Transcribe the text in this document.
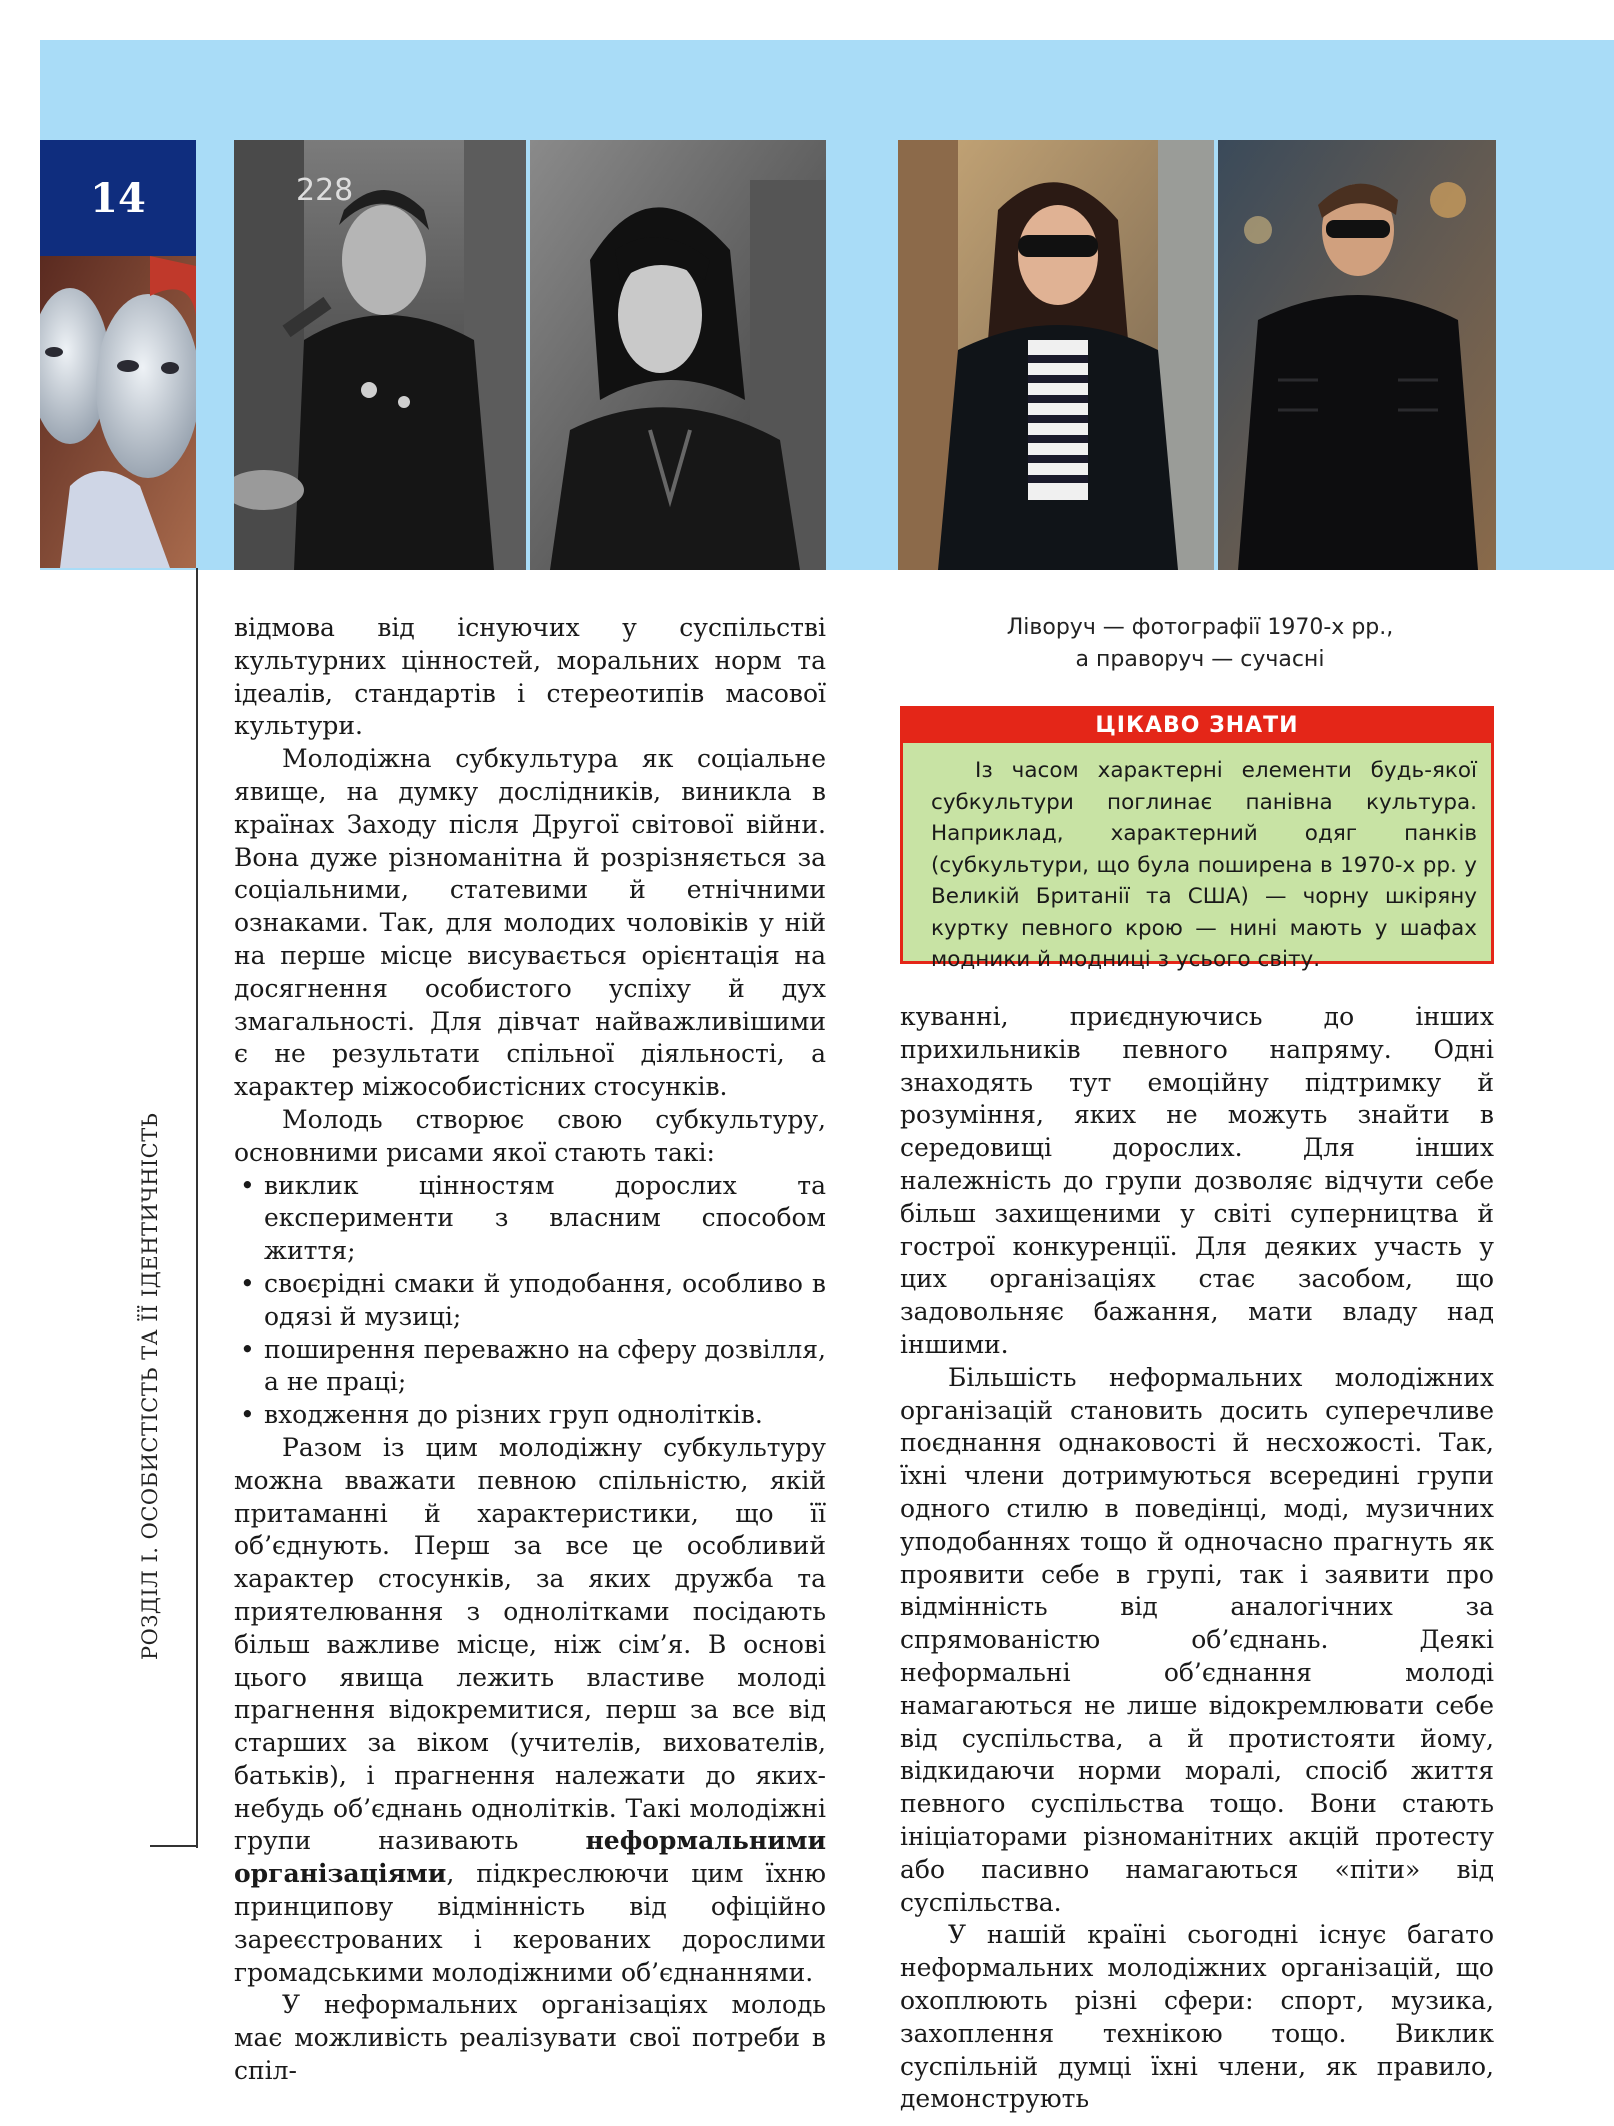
14	228
РОЗДІЛ І. ОСОБИСТІСТЬ ТА ЇЇ ІДЕНТИЧНІСТЬ
Ліворуч — фотографії 1970-х рр.,
а праворуч — сучасні
ЦІКАВО ЗНАТИ
Із часом характерні елементи будь-якої субкультури поглинає панівна культура. Наприклад, характерний одяг панків (субкультури, що була поширена в 1970-х рр. у Великій Британії та США) — чорну шкіряну куртку певного крою — нині мають у шафах модники й модниці з усього світу.

відмова від існуючих у суспільстві культурних цінностей, моральних норм та ідеалів, стандартів і стереотипів масової культури.

Молодіжна субкультура як соціальне явище, на думку дослідників, виникла в країнах Заходу після Другої світової війни. Вона дуже різноманітна й розрізняється за соціальними, статевими й етнічними ознаками. Так, для молодих чоловіків у ній на перше місце висувається орієнтація на досягнення особистого успіху й дух змагальності. Для дівчат найважливішими є не результати спільної діяльності, а характер міжособистісних стосунків.

Молодь створює свою субкультуру, основними рисами якої стають такі:

• виклик цінностям дорослих та експерименти з власним способом життя;
• своєрідні смаки й уподобання, особливо в одязі й музиці;
• поширення переважно на сферу дозвілля, а не праці;
• входження до різних груп однолітків.

Разом із цим молодіжну субкультуру можна вважати певною спільністю, якій притаманні й характеристики, що її об’єднують. Перш за все це особливий характер стосунків, за яких дружба та приятелювання з однолітками посідають більш важливе місце, ніж сім’я. В основі цього явища лежить властиве молоді прагнення відокремитися, перш за все від старших за віком (учителів, вихователів, батьків), і прагнення належати до яких-небудь об’єднань однолітків. Такі молодіжні групи називають неформальними організаціями, підкреслюючи цим їхню принципову відмінність від офіційно зареєстрованих і керованих дорослими громадськими молодіжними об’єднаннями.

У неформальних організаціях молодь має можливість реалізувати свої потреби в спіл-

куванні, приєднуючись до інших прихильників певного напряму. Одні знаходять тут емоційну підтримку й розуміння, яких не можуть знайти в середовищі дорослих. Для інших належність до групи дозволяє відчути себе більш захищеними у світі суперництва й гострої конкуренції. Для деяких участь у цих організаціях стає засобом, що задовольняє бажання, мати владу над іншими.

Більшість неформальних молодіжних організацій становить досить суперечливе поєднання однаковості й несхожості. Так, їхні члени дотримуються всередині групи одного стилю в поведінці, моді, музичних уподобаннях тощо й одночасно прагнуть як проявити себе в групі, так і заявити про відмінність від аналогічних за спрямованістю об’єднань. Деякі неформальні об’єднання молоді намагаються не лише відокремлювати себе від суспільства, а й протистояти йому, відкидаючи норми моралі, спосіб життя певного суспільства тощо. Вони стають ініціаторами різноманітних акцій протесту або пасивно намагаються «піти» від суспільства.

У нашій країні сьогодні існує багато неформальних молодіжних організацій, що охоплюють різні сфери: спорт, музика, захоплення технікою тощо. Виклик суспільній думці їхні члени, як правило, демонструють
